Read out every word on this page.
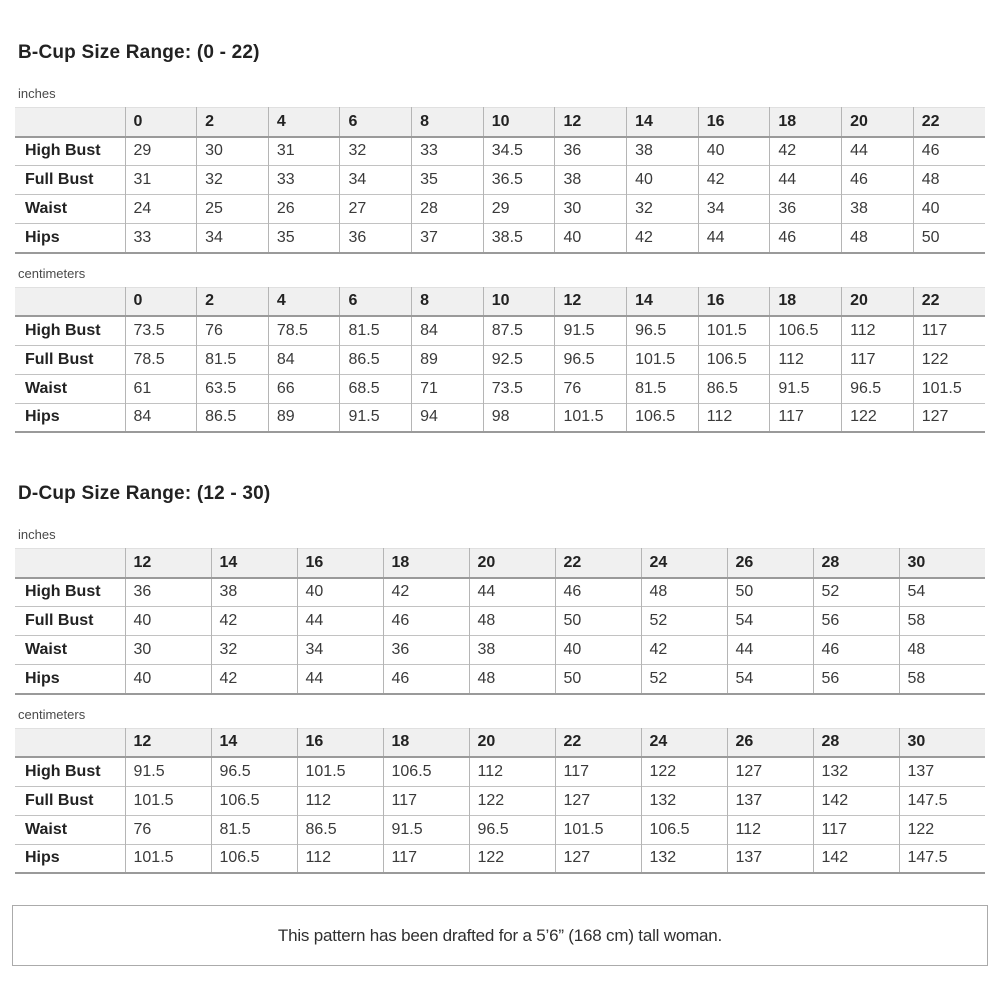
B-Cup Size Range: (0 - 22)
inches
	0	2	4	6	8	10	12	14	16	18	20	22
High Bust	29	30	31	32	33	34.5	36	38	40	42	44	46
Full Bust	31	32	33	34	35	36.5	38	40	42	44	46	48
Waist	24	25	26	27	28	29	30	32	34	36	38	40
Hips	33	34	35	36	37	38.5	40	42	44	46	48	50
centimeters
	0	2	4	6	8	10	12	14	16	18	20	22
High Bust	73.5	76	78.5	81.5	84	87.5	91.5	96.5	101.5	106.5	112	117
Full Bust	78.5	81.5	84	86.5	89	92.5	96.5	101.5	106.5	112	117	122
Waist	61	63.5	66	68.5	71	73.5	76	81.5	86.5	91.5	96.5	101.5
Hips	84	86.5	89	91.5	94	98	101.5	106.5	112	117	122	127
D-Cup Size Range: (12 - 30)
inches
	12	14	16	18	20	22	24	26	28	30
High Bust	36	38	40	42	44	46	48	50	52	54
Full Bust	40	42	44	46	48	50	52	54	56	58
Waist	30	32	34	36	38	40	42	44	46	48
Hips	40	42	44	46	48	50	52	54	56	58
centimeters
	12	14	16	18	20	22	24	26	28	30
High Bust	91.5	96.5	101.5	106.5	112	117	122	127	132	137
Full Bust	101.5	106.5	112	117	122	127	132	137	142	147.5
Waist	76	81.5	86.5	91.5	96.5	101.5	106.5	112	117	122
Hips	101.5	106.5	112	117	122	127	132	137	142	147.5
This pattern has been drafted for a 5’6” (168 cm) tall woman.
